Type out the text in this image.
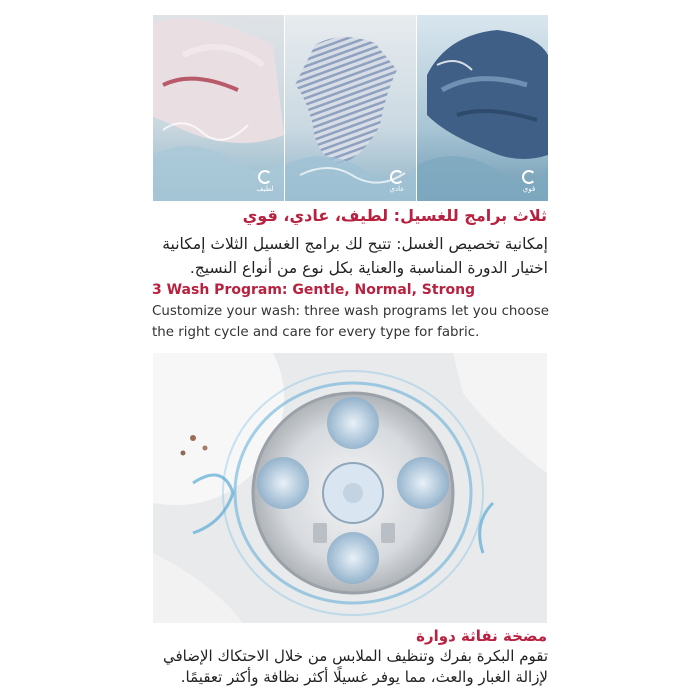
لطيف	عادي	قوي
ثلاث برامج للغسيل: لطيف، عادي، قوي
إمكانية تخصيص الغسل: تتيح لك برامج الغسيل الثلاث إمكانية اختيار الدورة المناسبة والعناية بكل نوع من أنواع النسيج.
3 Wash Program: Gentle, Normal, Strong
Customize your wash: three wash programs let you choose the right cycle and care for every type for fabric.
مضخة نفاثة دوارة
تقوم البكرة بفرك وتنظيف الملابس من خلال الاحتكاك الإضافي لإزالة الغبار والعث، مما يوفر غسيلًا أكثر نظافة وأكثر تعقيمًا.
